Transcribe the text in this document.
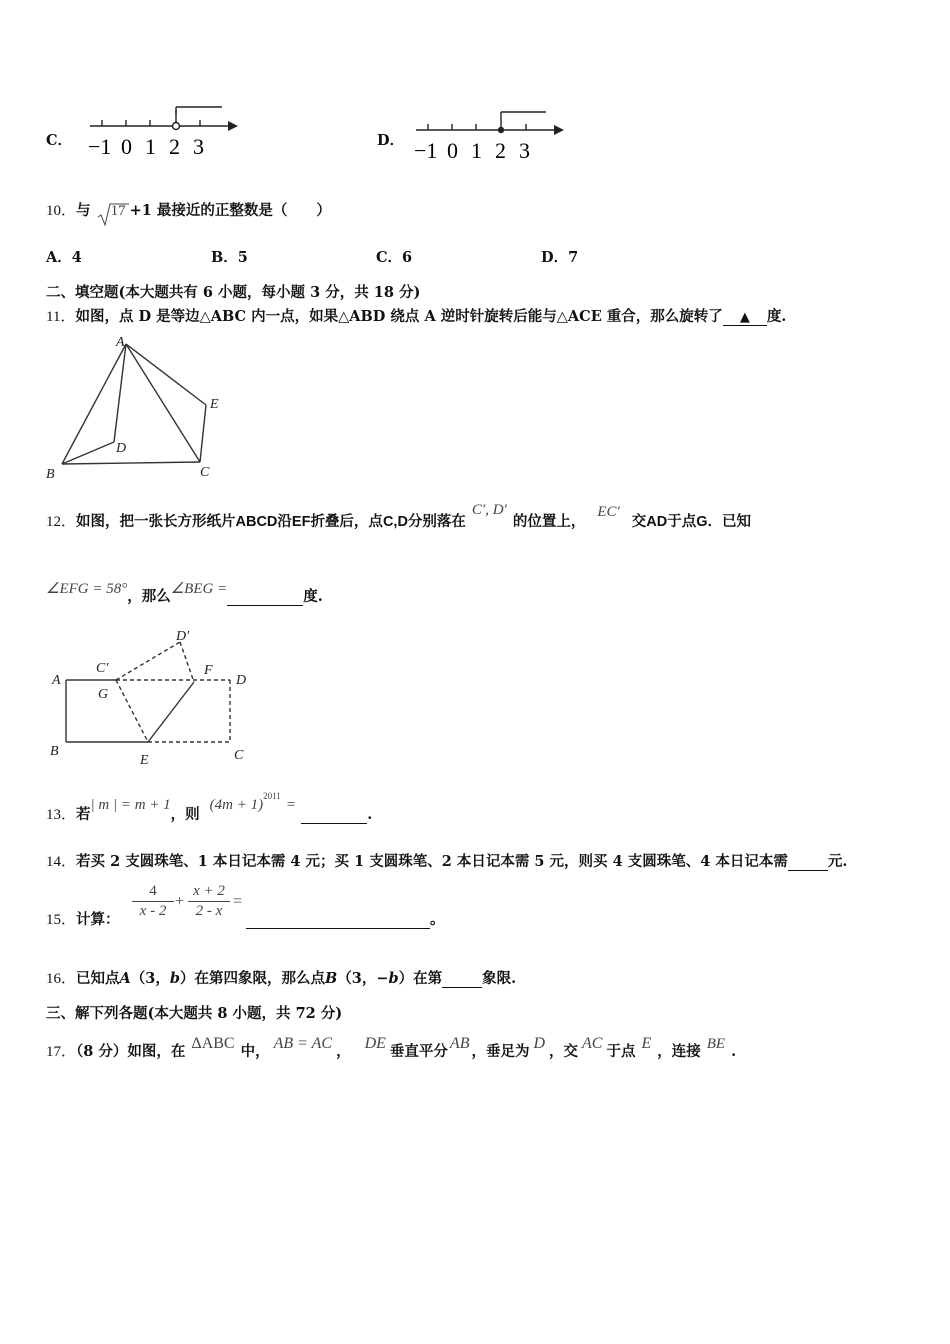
C． −1 0 1 2 3	D． −1 0 1 2 3
10．与 17 +1 最接近的正整数是（　　）
A．4	B．5	C．6	D．7
二、填空题(本大题共有 6 小题，每小题 3 分，共 18 分)
11．如图，点 D 是等边△ABC 内一点，如果△ABD 绕点 A 逆时针旋转后能与△ACE 重合，那么旋转了 ▲ 度.
A
B	C
D
E
12．如图，把一张长方形纸片ABCD沿EF折叠后，点C,D分别落在C′, D′的位置上，EC′交AD于点G．已知
∠EFG = 58°，那么∠BEG =	度.
A
B	C
D
E
F
G
C′
D′
13．若| m | = m + 1，则$(4m + 1)^{2011}=$ .
14．若买 2 支圆珠笔、1 本日记本需 4 元；买 1 支圆珠笔、2 本日记本需 5 元，则买 4 支圆珠笔、4 本日记本需	元.
15．计算： $\frac{4}{x - 2} + \frac{x + 2}{2 - x}$ =
。
16．已知点A（3，b）在第四象限，那么点B（3，−b）在第	象限.
三、解下列各题(本大题共 8 小题，共 72 分)
17．（8 分）如图，在 ΔABC 中， AB = AC ， DE 垂直平分 AB ，垂足为 D ，交 AC 于点 E ，连接 BE .
